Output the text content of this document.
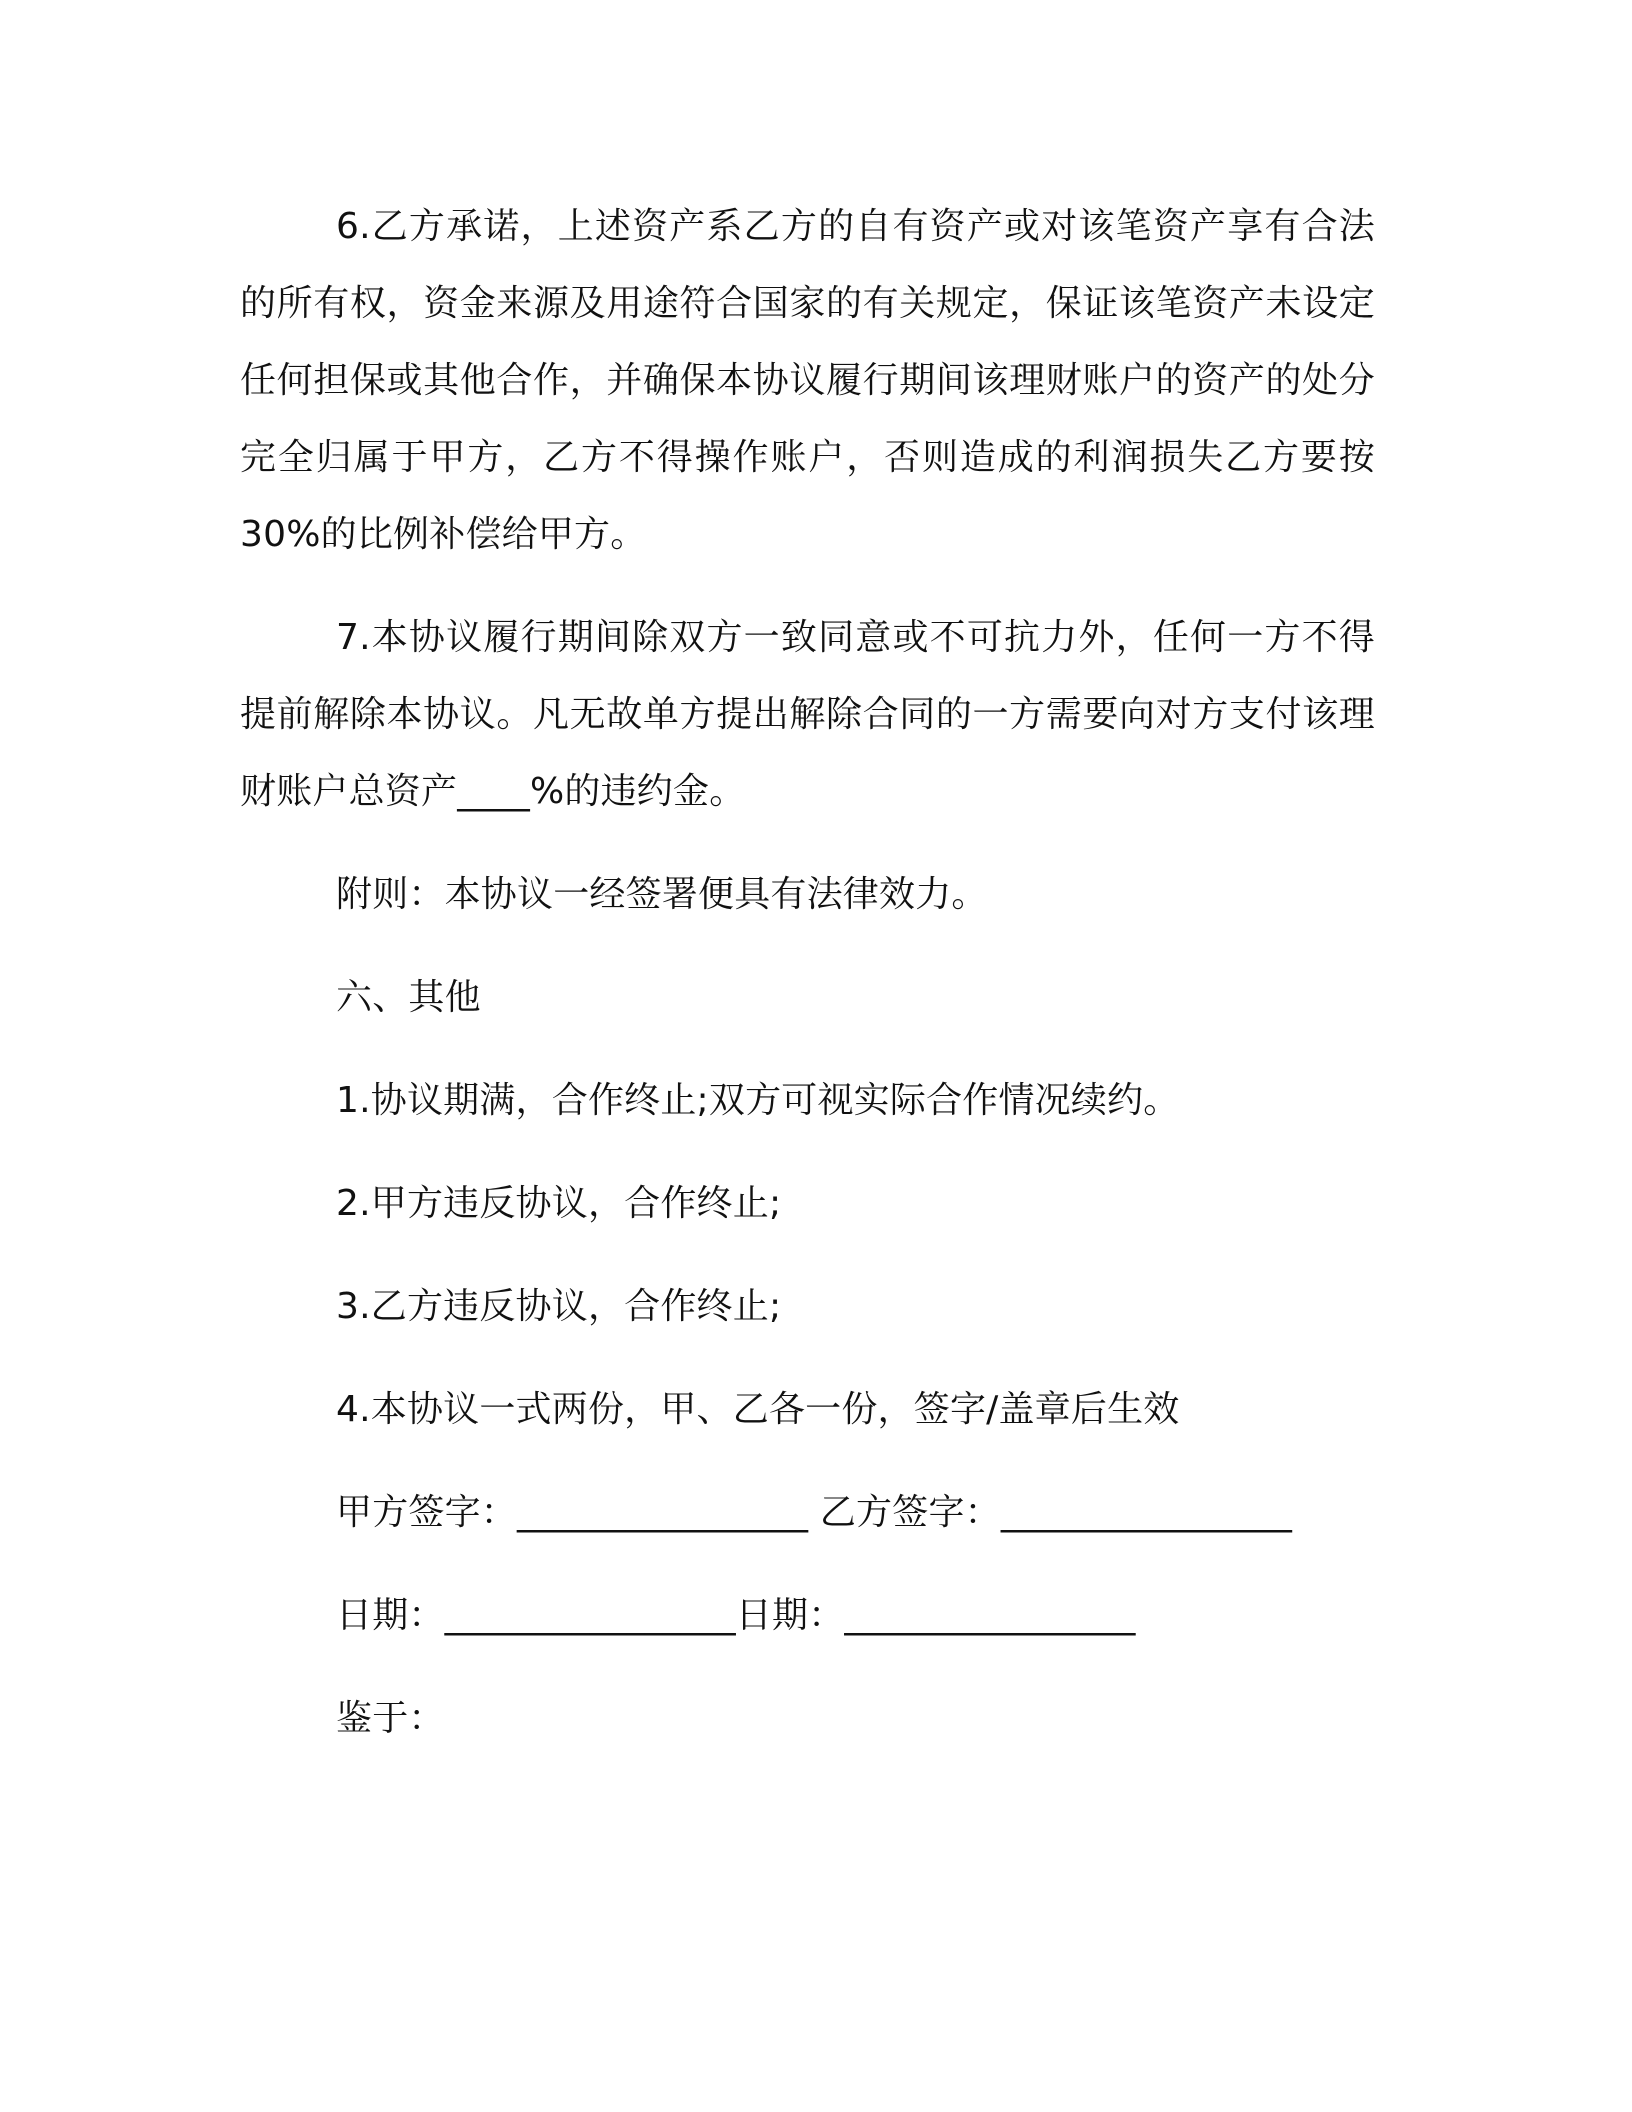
6.乙方承诺，上述资产系乙方的自有资产或对该笔资产享有合法的所有权，资金来源及用途符合国家的有关规定，保证该笔资产未设定任何担保或其他合作，并确保本协议履行期间该理财账户的资产的处分完全归属于甲方，乙方不得操作账户，否则造成的利润损失乙方要按 30%的比例补偿给甲方。

7.本协议履行期间除双方一致同意或不可抗力外，任何一方不得提前解除本协议。凡无故单方提出解除合同的一方需要向对方支付该理财账户总资产____%的违约金。

附则：本协议一经签署便具有法律效力。

六、其他

1.协议期满，合作终止;双方可视实际合作情况续约。

2.甲方违反协议，合作终止;

3.乙方违反协议，合作终止;

4.本协议一式两份，甲、乙各一份，签字/盖章后生效

甲方签字：________________ 乙方签字：________________

日期：________________日期：________________

鉴于：
